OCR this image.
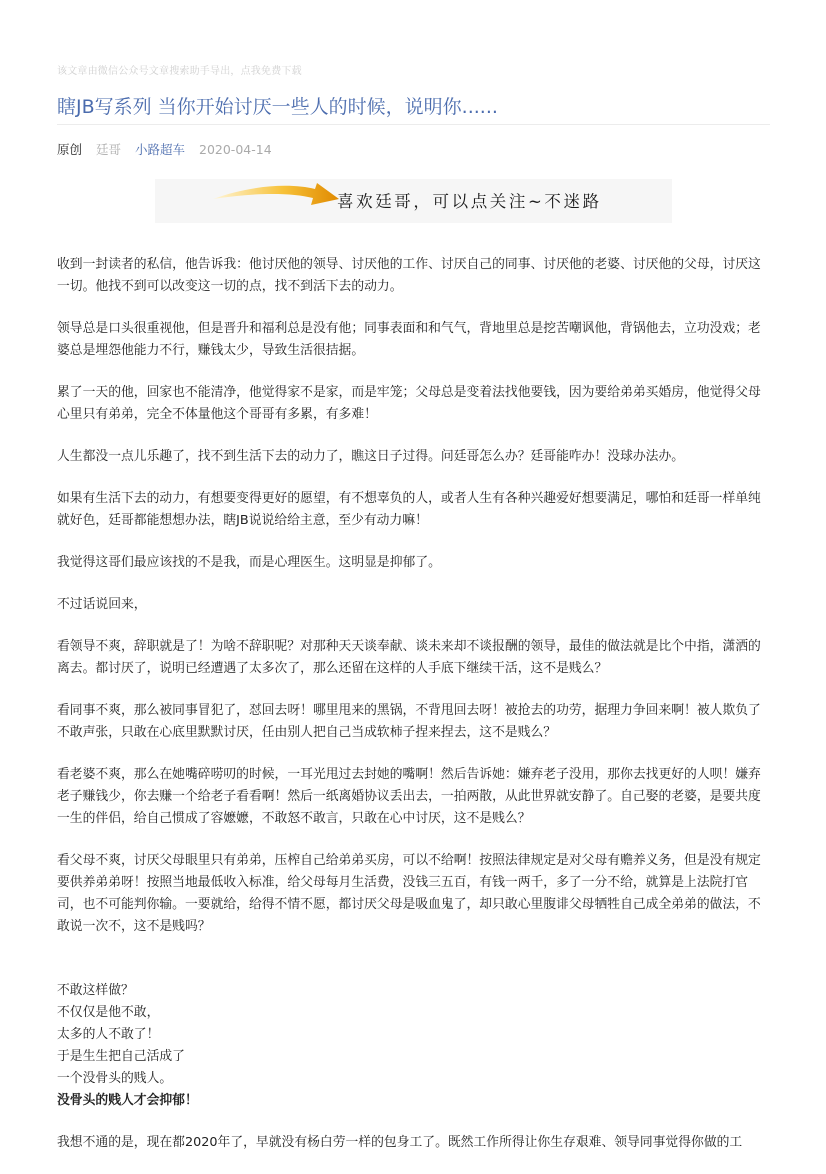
该文章由微信公众号文章搜索助手导出，点我免费下载
瞎JB写系列 当你开始讨厌一些人的时候，说明你......
原创 廷哥 小路超车 2020-04-14
喜欢廷哥，可以点关注~不迷路

收到一封读者的私信，他告诉我：他讨厌他的领导、讨厌他的工作、讨厌自己的同事、讨厌他的老婆、讨厌他的父母，讨厌这一切。他找不到可以改变这一切的点，找不到活下去的动力。

领导总是口头很重视他，但是晋升和福利总是没有他；同事表面和和气气，背地里总是挖苦嘲讽他，背锅他去，立功没戏；老婆总是埋怨他能力不行，赚钱太少，导致生活很拮据。

累了一天的他，回家也不能清净，他觉得家不是家，而是牢笼；父母总是变着法找他要钱，因为要给弟弟买婚房，他觉得父母心里只有弟弟，完全不体量他这个哥哥有多累，有多难！

人生都没一点儿乐趣了，找不到生活下去的动力了，瞧这日子过得。问廷哥怎么办？廷哥能咋办！没球办法办。

如果有生活下去的动力，有想要变得更好的愿望，有不想辜负的人，或者人生有各种兴趣爱好想要满足，哪怕和廷哥一样单纯就好色，廷哥都能想想办法，瞎JB说说给给主意，至少有动力嘛！

我觉得这哥们最应该找的不是我，而是心理医生。这明显是抑郁了。

不过话说回来，

看领导不爽，辞职就是了！为啥不辞职呢？对那种天天谈奉献、谈未来却不谈报酬的领导，最佳的做法就是比个中指，潇洒的离去。都讨厌了，说明已经遭遇了太多次了，那么还留在这样的人手底下继续干活，这不是贱么？

看同事不爽，那么被同事冒犯了，怼回去呀！哪里甩来的黑锅，不背甩回去呀！被抢去的功劳，据理力争回来啊！被人欺负了不敢声张，只敢在心底里默默讨厌，任由别人把自己当成软柿子捏来捏去，这不是贱么？

看老婆不爽，那么在她嘴碎唠叨的时候，一耳光甩过去封她的嘴啊！然后告诉她：嫌弃老子没用，那你去找更好的人呗！嫌弃老子赚钱少，你去赚一个给老子看看啊！然后一纸离婚协议丢出去，一拍两散，从此世界就安静了。自己娶的老婆，是要共度一生的伴侣，给自己惯成了容嬷嬷，不敢怒不敢言，只敢在心中讨厌，这不是贱么？

看父母不爽，讨厌父母眼里只有弟弟，压榨自己给弟弟买房，可以不给啊！按照法律规定是对父母有赡养义务，但是没有规定要供养弟弟呀！按照当地最低收入标准，给父母每月生活费，没钱三五百，有钱一两千，多了一分不给，就算是上法院打官司，也不可能判你输。一要就给，给得不情不愿，都讨厌父母是吸血鬼了，却只敢心里腹诽父母牺牲自己成全弟弟的做法，不敢说一次不，这不是贱吗？

不敢这样做？
不仅仅是他不敢，
太多的人不敢了！
于是生生把自己活成了
一个没骨头的贱人。
没骨头的贱人才会抑郁！

我想不通的是，现在都2020年了，早就没有杨白劳一样的包身工了。既然工作所得让你生存艰难、领导同事觉得你做的工
